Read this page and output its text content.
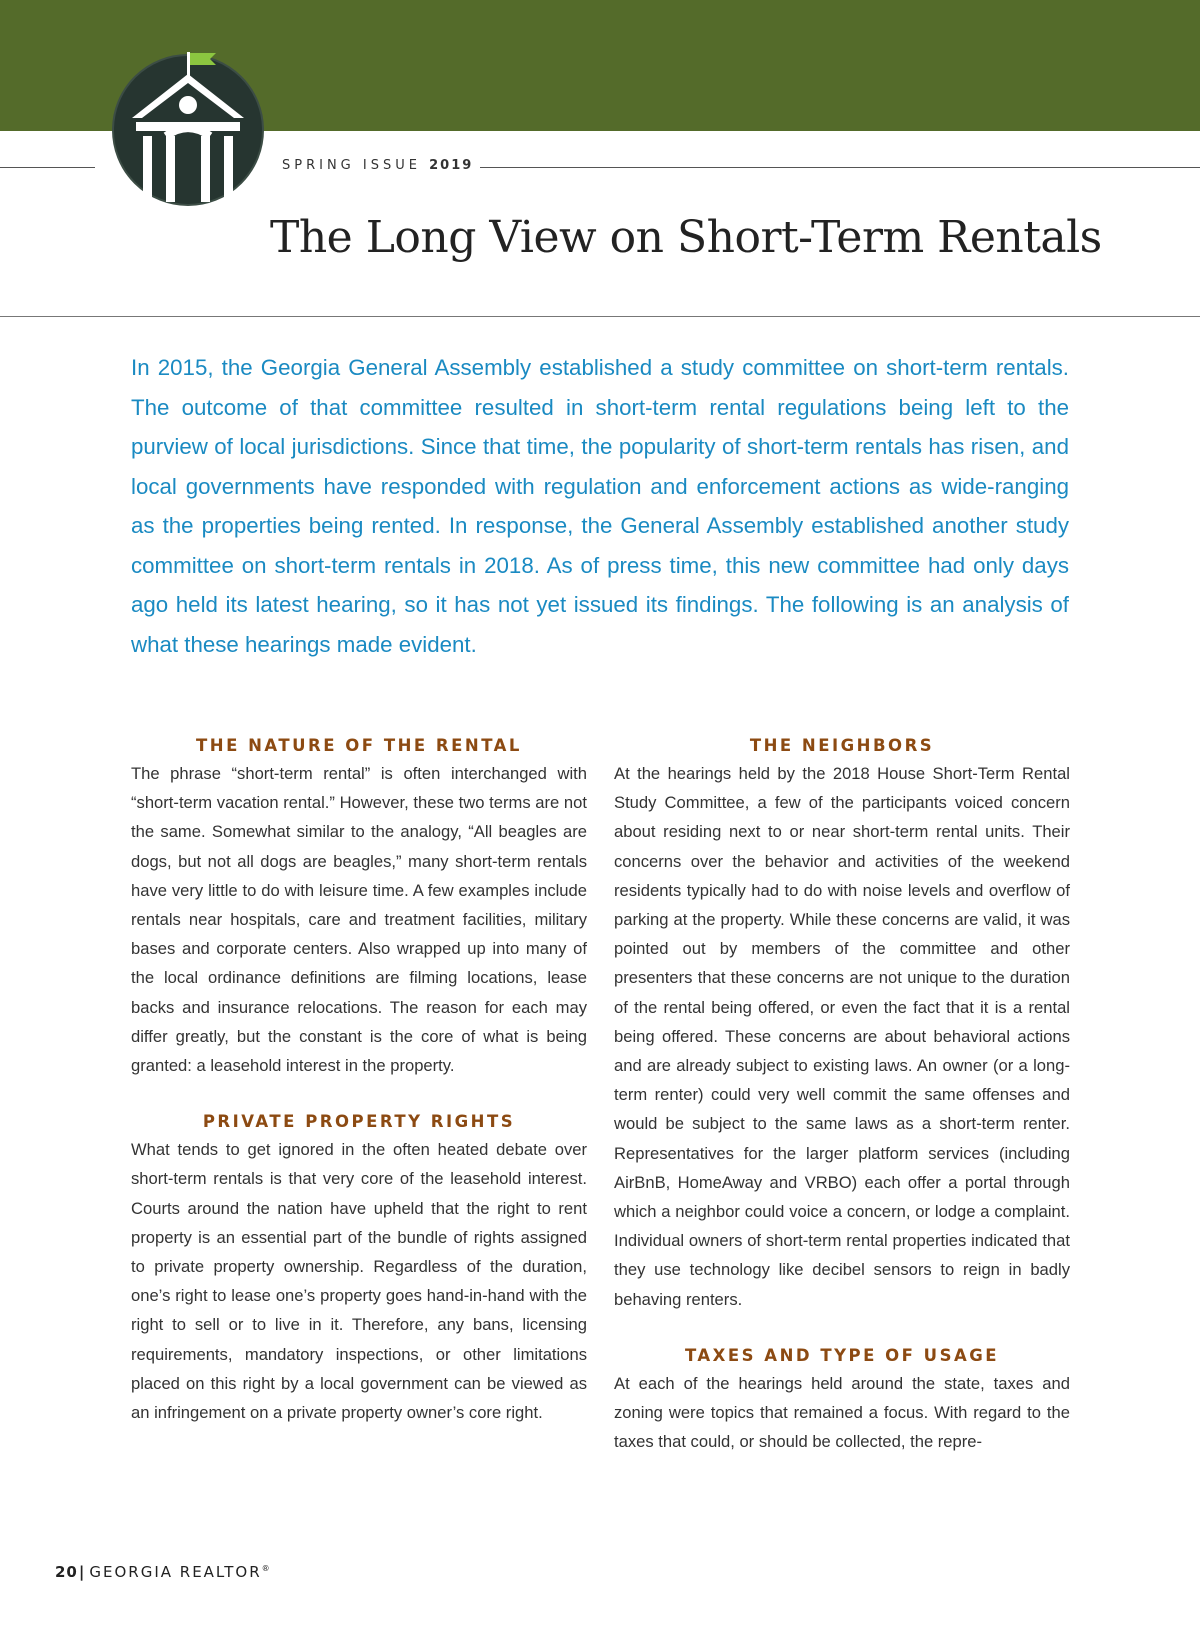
SPRING ISSUE 2019
The Long View on Short-Term Rentals
In 2015, the Georgia General Assembly established a study committee on short-term rentals. The outcome of that committee resulted in short-term rental regulations being left to the purview of local jurisdictions. Since that time, the popularity of short-term rentals has risen, and local governments have responded with regulation and enforcement actions as wide-ranging as the properties being rented. In response, the General Assembly established another study committee on short-term rentals in 2018. As of press time, this new committee had only days ago held its latest hearing, so it has not yet issued its findings. The following is an analysis of what these hearings made evident.
THE NATURE OF THE RENTAL

The phrase “short-term rental” is often interchanged with “short-term vacation rental.” However, these two terms are not the same. Somewhat similar to the analogy, “All beagles are dogs, but not all dogs are beagles,” many short-term rentals have very little to do with leisure time. A few examples include rentals near hospitals, care and treatment facilities, military bases and corporate centers. Also wrapped up into many of the local ordinance definitions are filming locations, lease backs and insurance relocations. The reason for each may differ greatly, but the constant is the core of what is being granted: a leasehold interest in the property.

PRIVATE PROPERTY RIGHTS

What tends to get ignored in the often heated debate over short-term rentals is that very core of the leasehold interest. Courts around the nation have upheld that the right to rent property is an essential part of the bundle of rights assigned to private property ownership. Regardless of the duration, one’s right to lease one’s property goes hand-in-hand with the right to sell or to live in it. Therefore, any bans, licensing requirements, mandatory inspections, or other limitations placed on this right by a local government can be viewed as an infringement on a private property owner’s core right.

THE NEIGHBORS

At the hearings held by the 2018 House Short-Term Rental Study Committee, a few of the participants voiced concern about residing next to or near short-term rental units. Their concerns over the behavior and activities of the weekend residents typically had to do with noise levels and overflow of parking at the property. While these concerns are valid, it was pointed out by members of the committee and other presenters that these concerns are not unique to the duration of the rental being offered, or even the fact that it is a rental being offered. These concerns are about behavioral actions and are already subject to existing laws. An owner (or a long-term renter) could very well commit the same offenses and would be subject to the same laws as a short-term renter. Representatives for the larger platform services (including AirBnB, HomeAway and VRBO) each offer a portal through which a neighbor could voice a concern, or lodge a complaint. Individual owners of short-term rental properties indicated that they use technology like decibel sensors to reign in badly behaving renters.

TAXES AND TYPE OF USAGE

At each of the hearings held around the state, taxes and zoning were topics that remained a focus. With regard to the taxes that could, or should be collected, the repre-

20| GEORGIA REALTOR®
